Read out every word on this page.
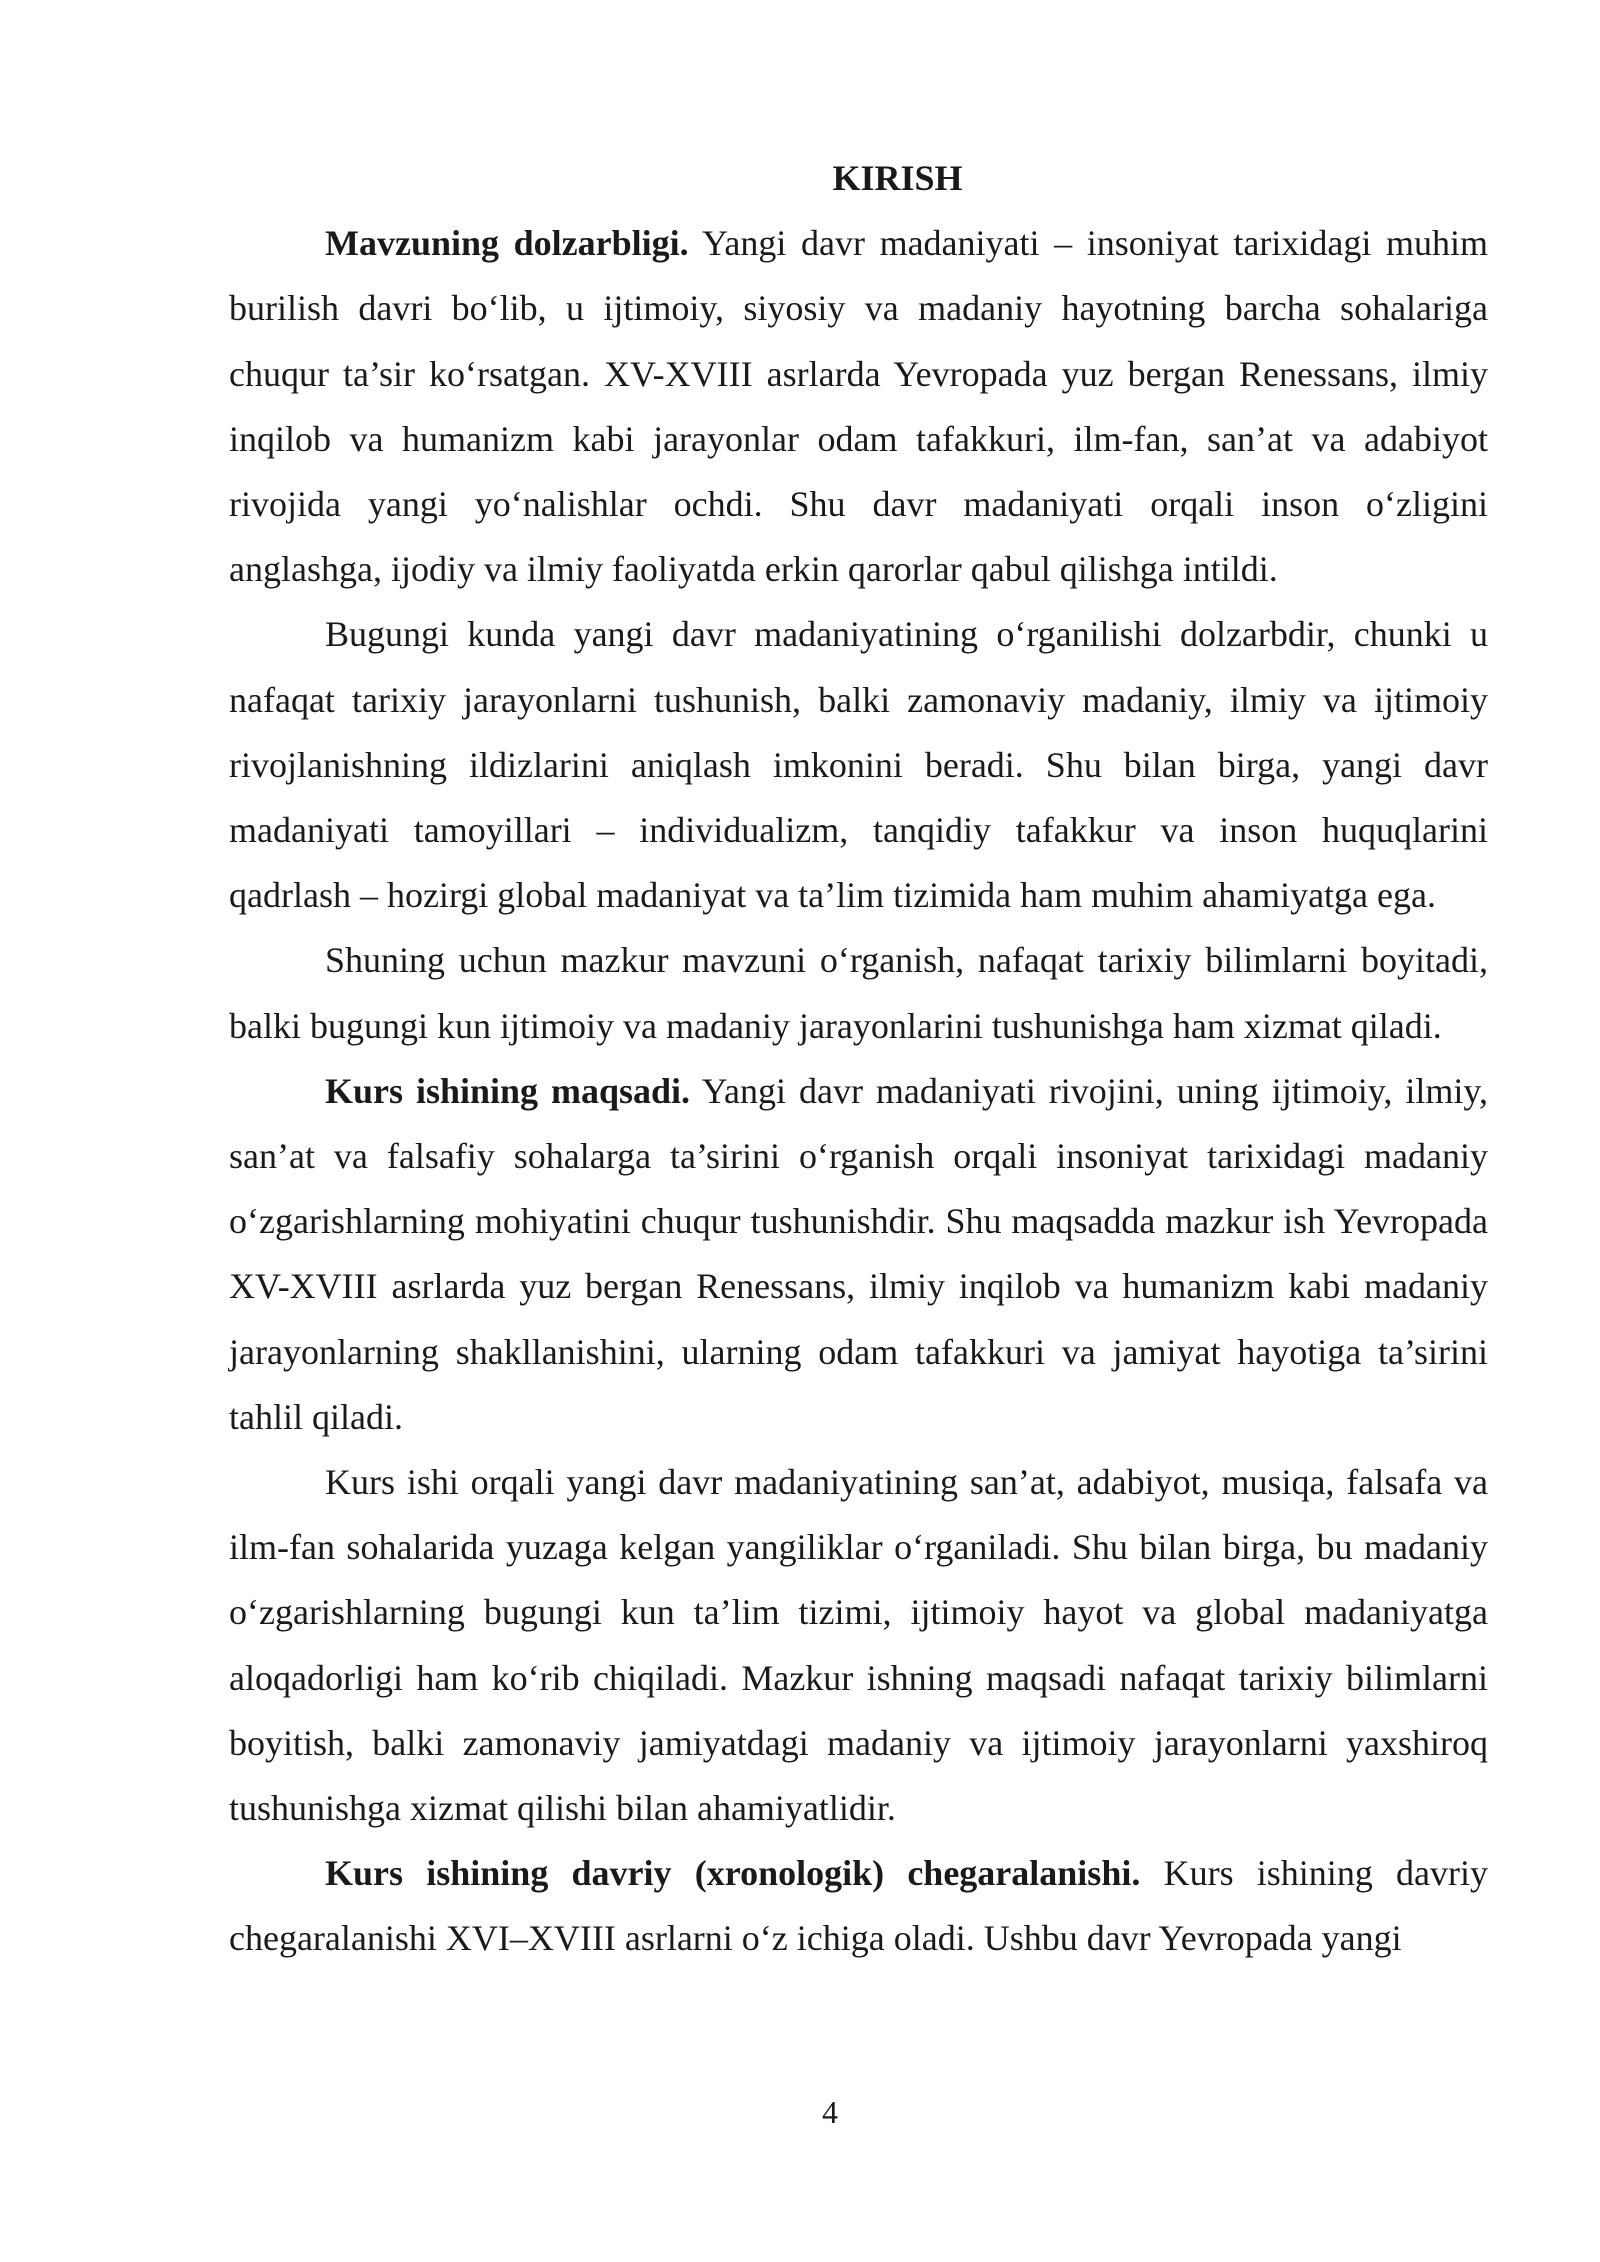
KIRISH

Mavzuning dolzarbligi. Yangi davr madaniyati – insoniyat tarixidagi muhim burilish davri bo‘lib, u ijtimoiy, siyosiy va madaniy hayotning barcha sohalariga chuqur ta’sir ko‘rsatgan. XV-XVIII asrlarda Yevropada yuz bergan Renessans, ilmiy inqilob va humanizm kabi jarayonlar odam tafakkuri, ilm-fan, san’at va adabiyot rivojida yangi yo‘nalishlar ochdi. Shu davr madaniyati orqali inson o‘zligini anglashga, ijodiy va ilmiy faoliyatda erkin qarorlar qabul qilishga intildi.

Bugungi kunda yangi davr madaniyatining o‘rganilishi dolzarbdir, chunki u nafaqat tarixiy jarayonlarni tushunish, balki zamonaviy madaniy, ilmiy va ijtimoiy rivojlanishning ildizlarini aniqlash imkonini beradi. Shu bilan birga, yangi davr madaniyati tamoyillari – individualizm, tanqidiy tafakkur va inson huquqlarini qadrlash – hozirgi global madaniyat va ta’lim tizimida ham muhim ahamiyatga ega.

Shuning uchun mazkur mavzuni o‘rganish, nafaqat tarixiy bilimlarni boyitadi, balki bugungi kun ijtimoiy va madaniy jarayonlarini tushunishga ham xizmat qiladi.

Kurs ishining maqsadi. Yangi davr madaniyati rivojini, uning ijtimoiy, ilmiy, san’at va falsafiy sohalarga ta’sirini o‘rganish orqali insoniyat tarixidagi madaniy o‘zgarishlarning mohiyatini chuqur tushunishdir. Shu maqsadda mazkur ish Yevropada XV-XVIII asrlarda yuz bergan Renessans, ilmiy inqilob va humanizm kabi madaniy jarayonlarning shakllanishini, ularning odam tafakkuri va jamiyat hayotiga ta’sirini tahlil qiladi.

Kurs ishi orqali yangi davr madaniyatining san’at, adabiyot, musiqa, falsafa va ilm-fan sohalarida yuzaga kelgan yangiliklar o‘rganiladi. Shu bilan birga, bu madaniy o‘zgarishlarning bugungi kun ta’lim tizimi, ijtimoiy hayot va global madaniyatga aloqadorligi ham ko‘rib chiqiladi. Mazkur ishning maqsadi nafaqat tarixiy bilimlarni boyitish, balki zamonaviy jamiyatdagi madaniy va ijtimoiy jarayonlarni yaxshiroq tushunishga xizmat qilishi bilan ahamiyatlidir.

Kurs ishining davriy (xronologik) chegaralanishi. Kurs ishining davriy chegaralanishi XVI–XVIII asrlarni o‘z ichiga oladi. Ushbu davr Yevropada yangi

4
